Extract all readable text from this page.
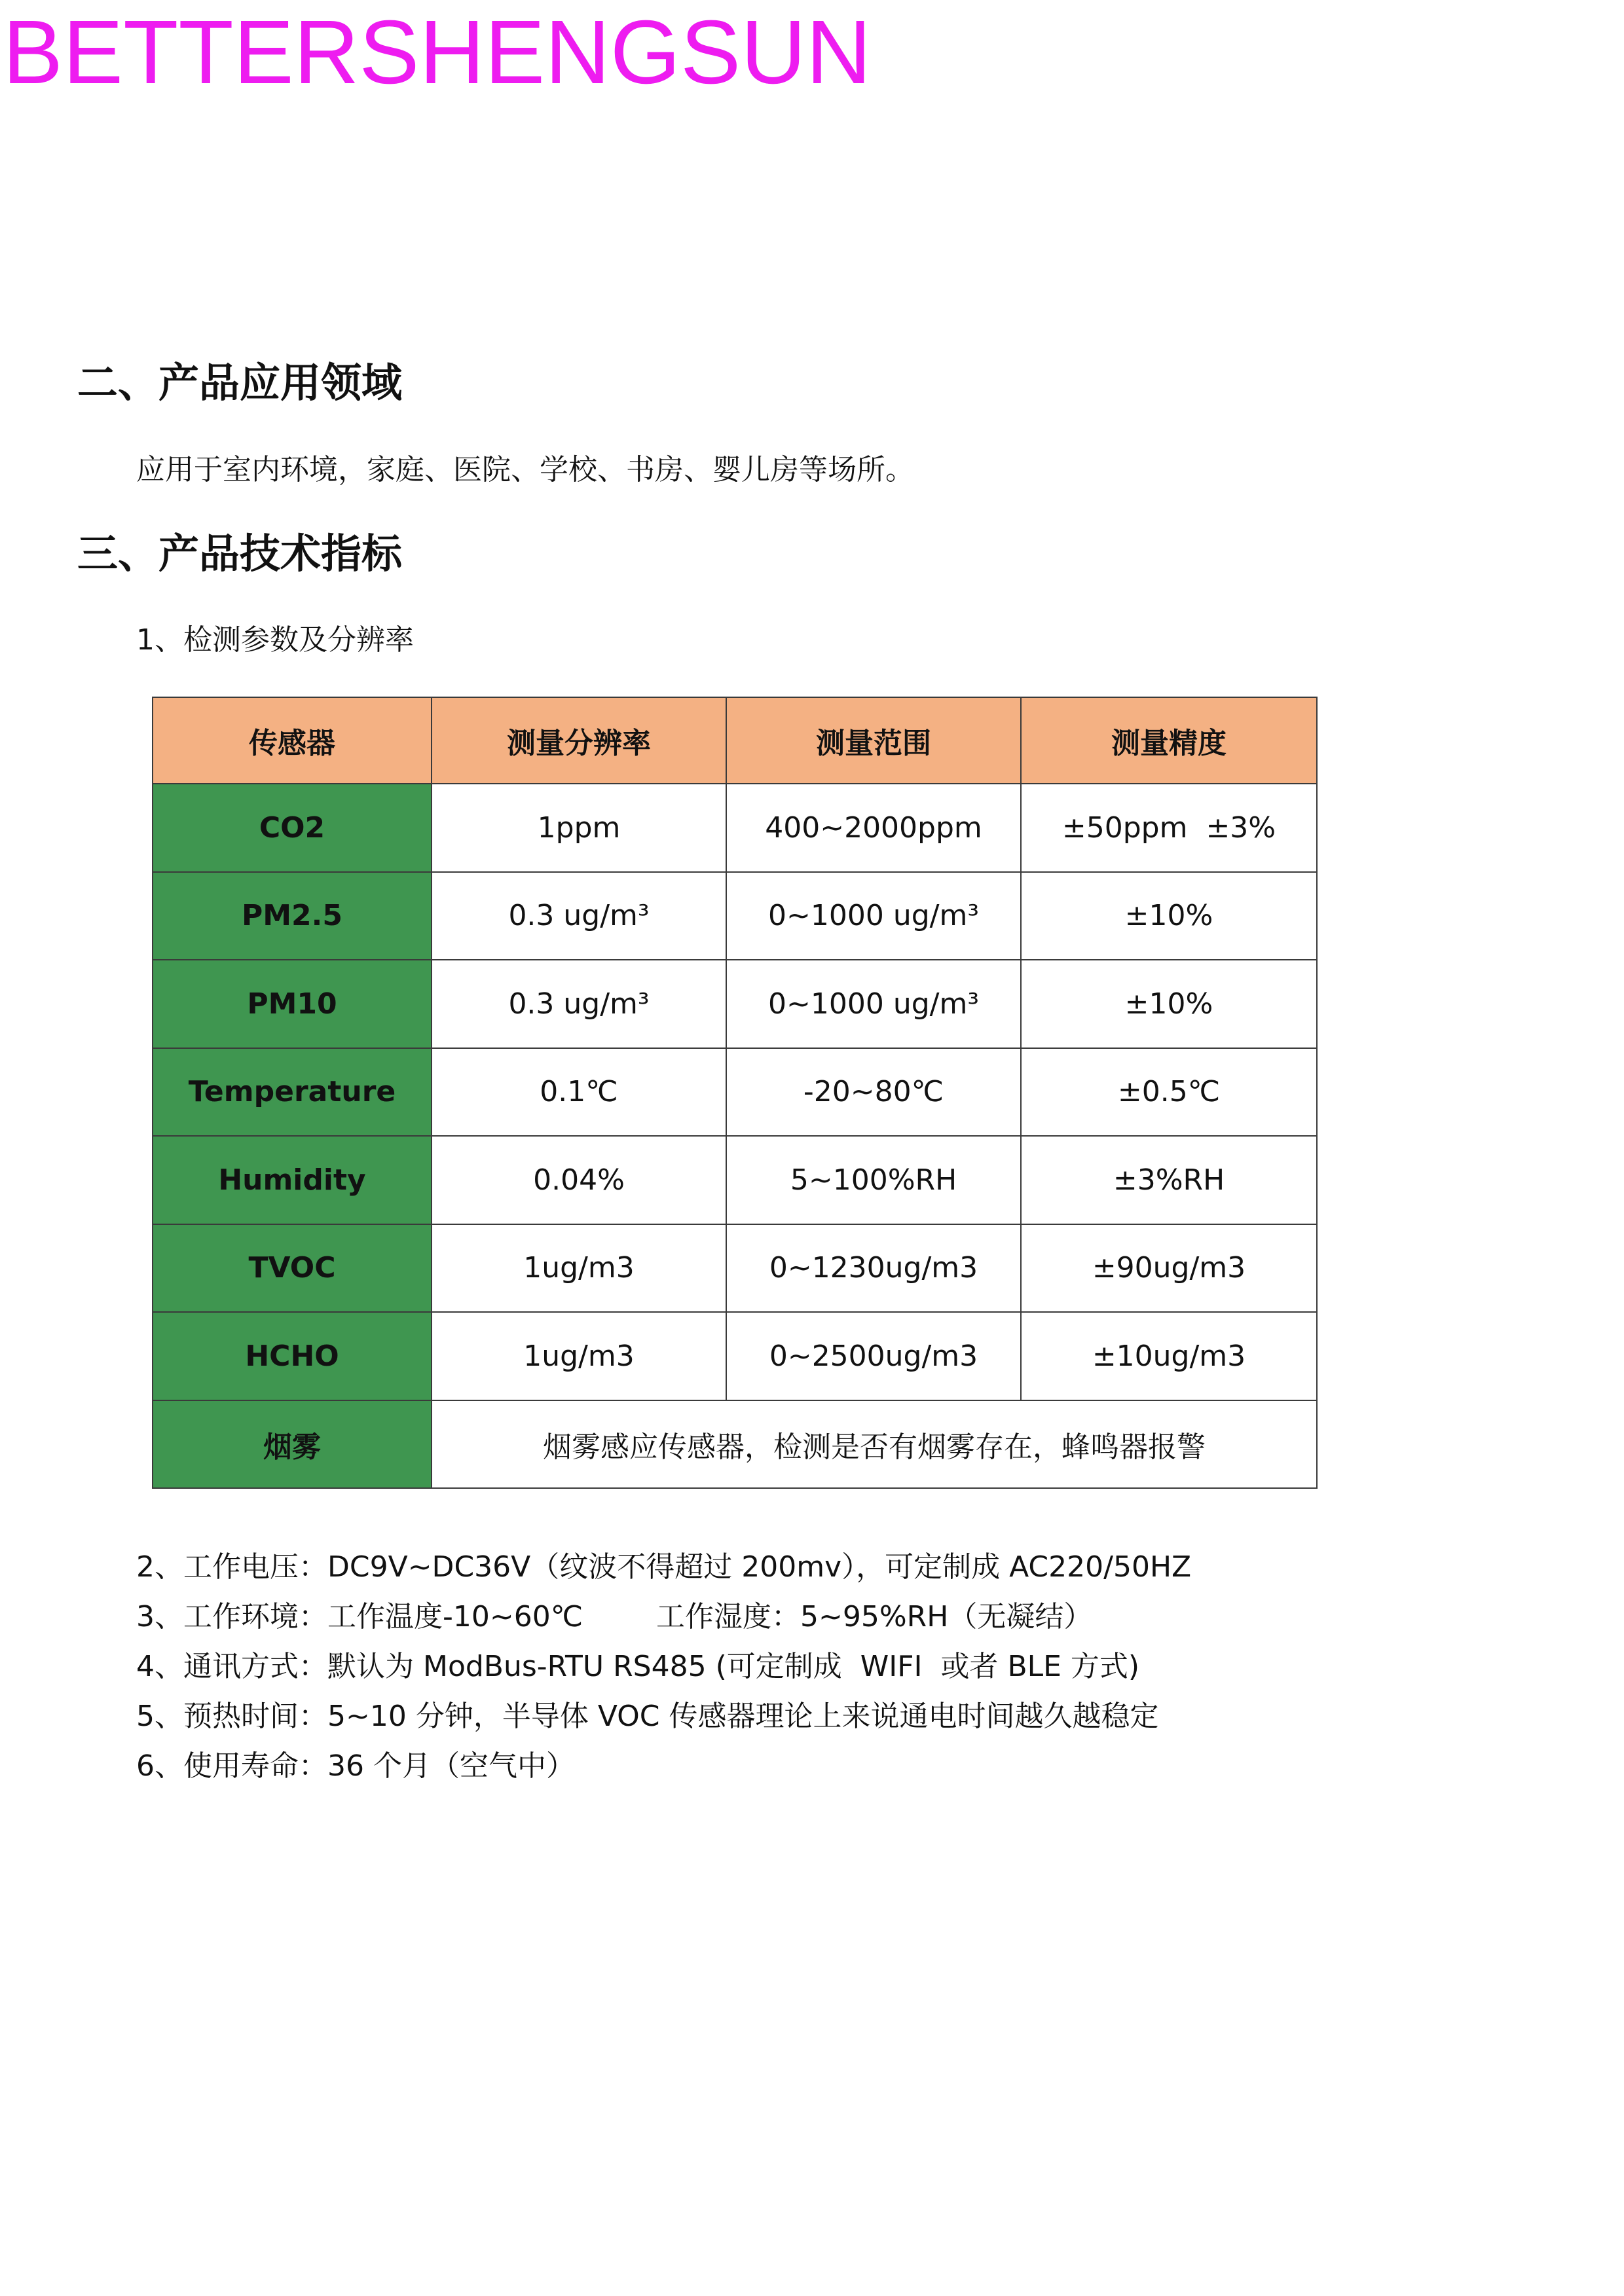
BETTERSHENGSUN
二、产品应用领域

应用于室内环境，家庭、医院、学校、书房、婴儿房等场所。

三、产品技术指标

1、检测参数及分辨率

传感器	测量分辨率	测量范围	测量精度
CO2	1ppm	400~2000ppm	±50ppm  ±3%
PM2.5	0.3 ug/m³	0~1000 ug/m³	±10%
PM10	0.3 ug/m³	0~1000 ug/m³	±10%
Temperature	0.1℃	-20~80℃	±0.5℃
Humidity	0.04%	5~100%RH	±3%RH
TVOC	1ug/m3	0~1230ug/m3	±90ug/m3
HCHO	1ug/m3	0~2500ug/m3	±10ug/m3
烟雾	烟雾感应传感器，检测是否有烟雾存在，蜂鸣器报警		

2、工作电压：DC9V~DC36V（纹波不得超过 200mv），可定制成 AC220/50HZ

3、工作环境：工作温度-10~60℃        工作湿度：5~95%RH（无凝结）

4、通讯方式：默认为 ModBus-RTU RS485 (可定制成  WIFI  或者 BLE 方式)

5、预热时间：5~10 分钟，半导体 VOC 传感器理论上来说通电时间越久越稳定

6、使用寿命：36 个月（空气中）
